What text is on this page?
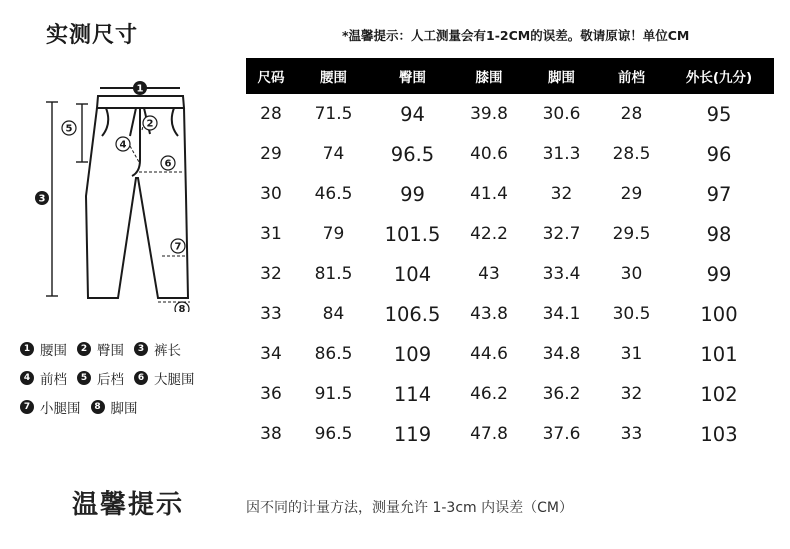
实测尺寸	*温馨提示：人工测量会有1-2CM的误差。敬请原谅！单位CM
1
2
3
4
5
6
7
8
尺码	腰围	臀围	膝围	脚围	前档	外长(九分)
28	71.5	94	39.8	30.6	28	95
29	74	96.5	40.6	31.3	28.5	96
30	46.5	99	41.4	32	29	97
31	79	101.5	42.2	32.7	29.5	98
32	81.5	104	43	33.4	30	99
33	84	106.5	43.8	34.1	30.5	100
34	86.5	109	44.6	34.8	31	101
36	91.5	114	46.2	36.2	32	102
38	96.5	119	47.8	37.6	33	103
1 腰围	2 臀围	3 裤长
4 前档	5 后档	6 大腿围
7 小腿围	8 脚围
温馨提示	因不同的计量方法，测量允许 1-3cm 内误差（CM）
